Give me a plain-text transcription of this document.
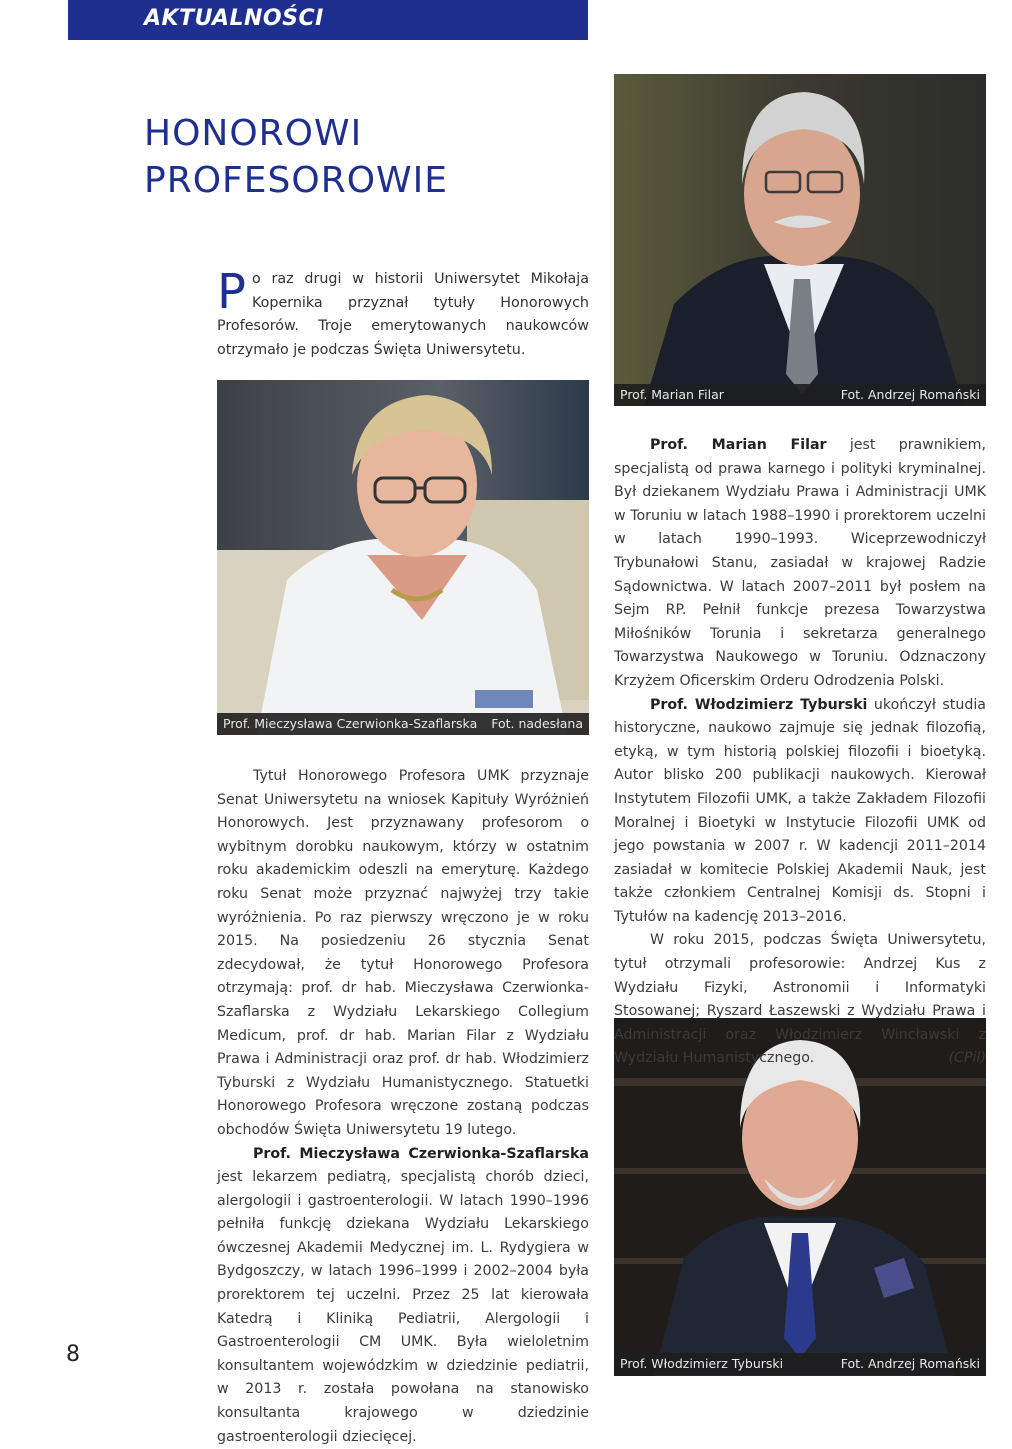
AKTUALNOŚCI
HONOROWI
PROFESOROWIE
Po raz drugi w historii Uniwersytet Mikołaja Kopernika przyznał tytuły Honorowych Profesorów. Troje emerytowanych naukowców otrzymało je podczas Święta Uniwersytetu.
Prof. Mieczysława Czerwionka-Szaflarska Fot. nadesłana
Prof. Marian Filar	Fot. Andrzej Romański
Prof. Włodzimierz Tyburski	Fot. Andrzej Romański

Tytuł Honorowego Profesora UMK przyznaje Senat Uniwersytetu na wniosek Kapituły Wyróżnień Honorowych. Jest przyznawany profesorom o wybitnym dorobku naukowym, którzy w ostatnim roku akademickim odeszli na emeryturę. Każdego roku Senat może przyznać najwyżej trzy takie wyróżnienia. Po raz pierwszy wręczono je w roku 2015. Na posiedzeniu 26 stycznia Senat zdecydował, że tytuł Honorowego Profesora otrzymają: prof. dr hab. Mieczysława Czerwionka-Szaflarska z Wydziału Lekarskiego Collegium Medicum, prof. dr hab. Marian Filar z Wydziału Prawa i Administracji oraz prof. dr hab. Włodzimierz Tyburski z Wydziału Humanistycznego. Statuetki Honorowego Profesora wręczone zostaną podczas obchodów Święta Uniwersytetu 19 lutego.

Prof. Mieczysława Czerwionka-Szaflarska jest lekarzem pediatrą, specjalistą chorób dzieci, alergologii i gastroenterologii. W latach 1990–1996 pełniła funkcję dziekana Wydziału Lekarskiego ówczesnej Akademii Medycznej im. L. Rydygiera w Bydgoszczy, w latach 1996–1999 i 2002–2004 była prorektorem tej uczelni. Przez 25 lat kierowała Katedrą i Kliniką Pediatrii, Alergologii i Gastroenterologii CM UMK. Była wieloletnim konsultantem wojewódzkim w dziedzinie pediatrii, w 2013 r. została powołana na stanowisko konsultanta krajowego w dziedzinie gastroenterologii dziecięcej.

Prof. Marian Filar jest prawnikiem, specjalistą od prawa karnego i polityki kryminalnej. Był dziekanem Wydziału Prawa i Administracji UMK w Toruniu w latach 1988–1990 i prorektorem uczelni w latach 1990–1993. Wiceprzewodniczył Trybunałowi Stanu, zasiadał w krajowej Radzie Sądownictwa. W latach 2007–2011 był posłem na Sejm RP. Pełnił funkcje prezesa Towarzystwa Miłośników Torunia i sekretarza generalnego Towarzystwa Naukowego w Toruniu. Odznaczony Krzyżem Oficerskim Orderu Odrodzenia Polski.

Prof. Włodzimierz Tyburski ukończył studia historyczne, naukowo zajmuje się jednak filozofią, etyką, w tym historią polskiej filozofii i bioetyką. Autor blisko 200 publikacji naukowych. Kierował Instytutem Filozofii UMK, a także Zakładem Filozofii Moralnej i Bioetyki w Instytucie Filozofii UMK od jego powstania w 2007 r. W kadencji 2011–2014 zasiadał w komitecie Polskiej Akademii Nauk, jest także członkiem Centralnej Komisji ds. Stopni i Tytułów na kadencję 2013–2016.

W roku 2015, podczas Święta Uniwersytetu, tytuł otrzymali profesorowie: Andrzej Kus z Wydziału Fizyki, Astronomii i Informatyki Stosowanej; Ryszard Łaszewski z Wydziału Prawa i Administracji oraz Włodzimierz Wincławski z Wydziału Humanistycznego.	(CPil)

8
